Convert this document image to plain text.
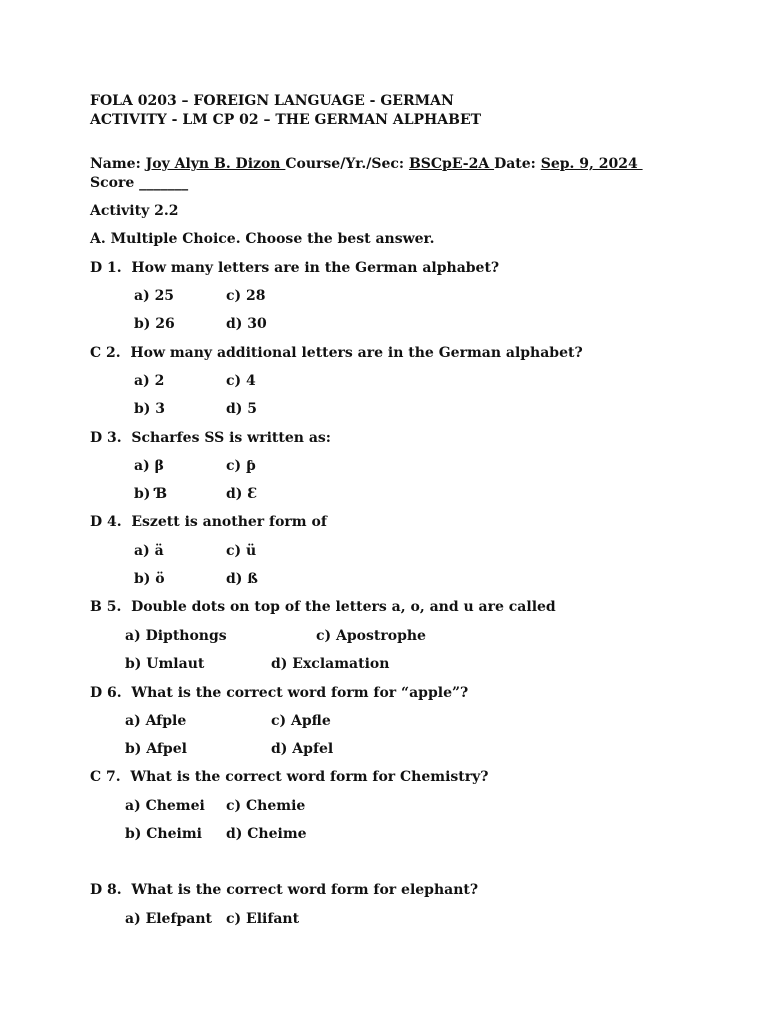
FOLA 0203 – FOREIGN LANGUAGE - GERMAN
ACTIVITY - LM CP 02 – THE GERMAN ALPHABET
Name: Joy Alyn B. Dizon Course/Yr./Sec: BSCpE-2A Date: Sep. 9, 2024
Score _______
Activity 2.2
A. Multiple Choice. Choose the best answer.
D 1.  How many letters are in the German alphabet?
a) 25	c) 28
b) 26	d) 30
C 2.  How many additional letters are in the German alphabet?
a) 2	c) 4
b) 3	d) 5
D 3.  Scharfes SS is written as:
a) β	c) ƥ
b) Ɓ	d) Ɛ
D 4.  Eszett is another form of
a) ä	c) ü
b) ö	d) ß
B 5.  Double dots on top of the letters a, o, and u are called
a) Dipthongs	c) Apostrophe
b) Umlaut	d) Exclamation
D 6.  What is the correct word form for “apple”?
a) Afple	c) Apfle
b) Afpel	d) Apfel
C 7.  What is the correct word form for Chemistry?
a) Chemei c) Chemie
b) Cheimi d) Cheime
D 8.  What is the correct word form for elephant?
a) Elefpant c) Elifant
